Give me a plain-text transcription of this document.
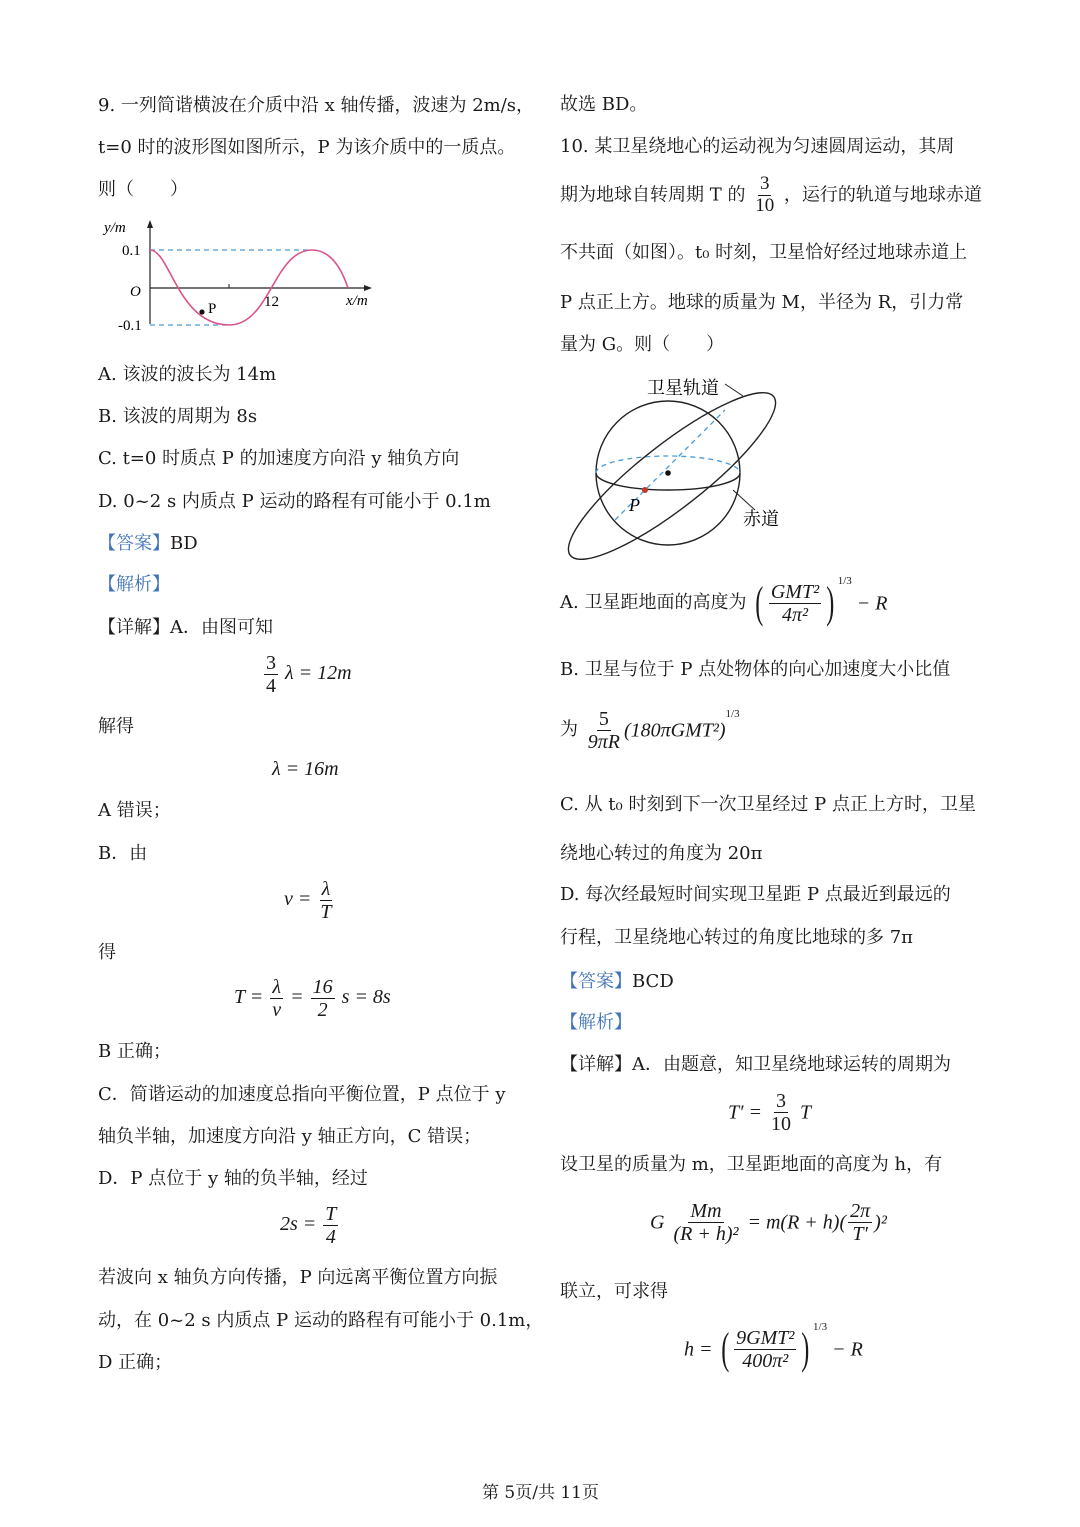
9. 一列简谐横波在介质中沿 x 轴传播，波速为 2m/s，
t=0 时的波形图如图所示，P 为该介质中的一质点。
则（　　）
y/m
0.1
O
-0.1
12	x/m
P
A. 该波的波长为 14m
B. 该波的周期为 8s
C. t=0 时质点 P 的加速度方向沿 y 轴负方向
D. 0~2 s 内质点 P 运动的路程有可能小于 0.1m
【答案】BD
【解析】
【详解】A．由图可知
$\frac{3}{4}$ λ = 12m
解得
λ = 16m
A 错误；
B．由
$v = \frac{\lambda}{T}$
得
$T = \frac{\lambda}{v} = \frac{16}{2}$ s = 8s
B 正确；
C．简谐运动的加速度总指向平衡位置，P 点位于 y
轴负半轴，加速度方向沿 y 轴正方向，C 错误；
D．P 点位于 y 轴的负半轴，经过
$2s = \frac{T}{4}$
若波向 x 轴负方向传播，P 向远离平衡位置方向振
动，在 0~2 s 内质点 P 运动的路程有可能小于 0.1m，
D 正确；
故选 BD。
10. 某卫星绕地心的运动视为匀速圆周运动，其周
期为地球自转周期 T 的 $\frac{3}{10}$ ，运行的轨道与地球赤道
不共面（如图）。t₀ 时刻，卫星恰好经过地球赤道上
P 点正上方。地球的质量为 M，半径为 R，引力常
量为 G。则（　　）
卫星轨道
赤道
P
A. 卫星距地面的高度为 ( $\frac{\text{GMT²}}{\text{4π²}}$ ) $^{1/3}$ − R
B. 卫星与位于 P 点处物体的向心加速度大小比值
为 $\frac{5}{9\pi R} (180\pi GMT^2)^{1/3}$
C. 从 t₀ 时刻到下一次卫星经过 P 点正上方时，卫星
绕地心转过的角度为 20π
D. 每次经最短时间实现卫星距 P 点最近到最远的
行程，卫星绕地心转过的角度比地球的多 7π
【答案】BCD
【解析】
【详解】A．由题意，知卫星绕地球运转的周期为
$T' = \frac{3}{10}$ T
设卫星的质量为 m，卫星距地面的高度为 h，有
G $\frac{Mm}{\text{(R + h)²}} = m(R + h)( \frac{2\pi}{T'} )^2$
联立，可求得
h = ( $\frac{\text{9GMT²}}{\text{400π²}}$ ) $^{1/3}$ − R
第 5页/共 11页
